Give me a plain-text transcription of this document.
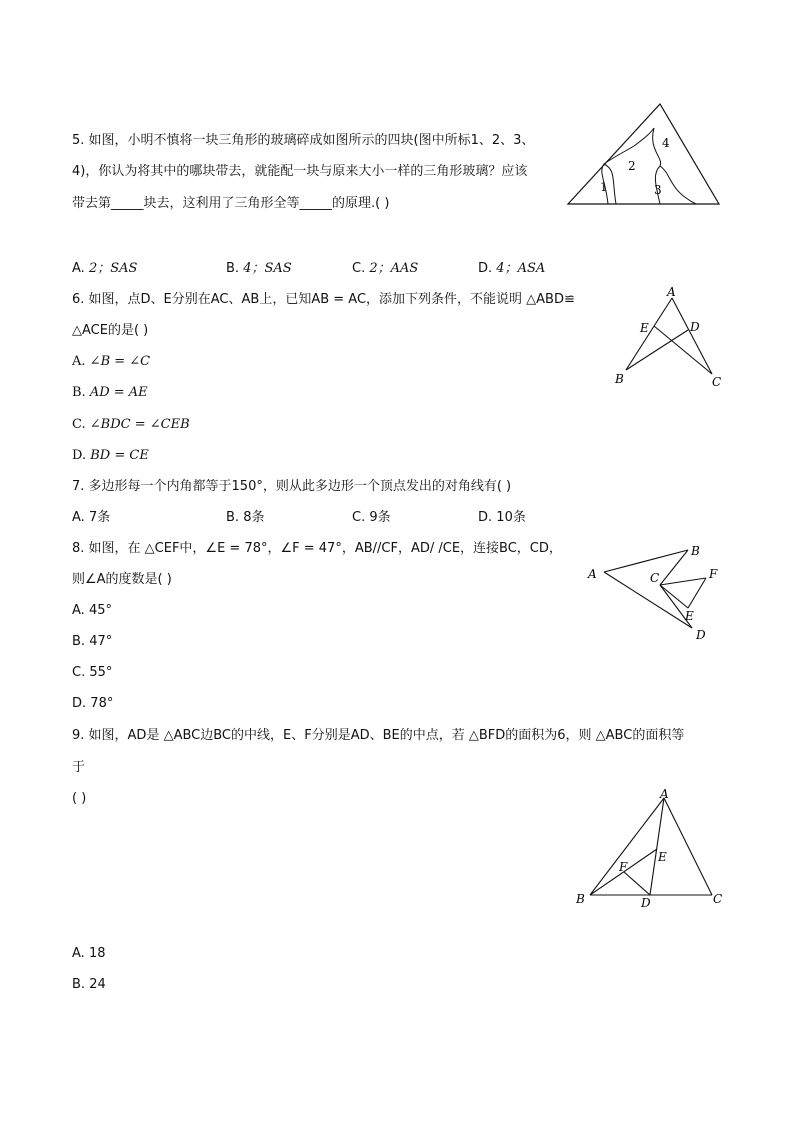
5. 如图，小明不慎将一块三角形的玻璃碎成如图所示的四块(图中所标1、2、3、
4)，你认为将其中的哪块带去，就能配一块与原来大小一样的三角形玻璃？应该
带去第_____块去，这利用了三角形全等_____的原理.( )
A. 2；SAS	B. 4；SAS	C. 2；AAS	D. 4；ASA
1
2
3
4
6. 如图，点D、E分别在AC、AB上，已知AB = AC，添加下列条件，不能说明 △ABD≌
△ACE的是( )
A. ∠B = ∠C
B. AD = AE
C. ∠BDC = ∠CEB
D. BD = CE
A
B	C
D
E
7. 多边形每一个内角都等于150°，则从此多边形一个顶点发出的对角线有( )
A. 7条	B. 8条	C. 9条	D. 10条
8. 如图，在 △CEF中，∠E = 78°，∠F = 47°，AB//CF，AD/ /CE，连接BC，CD，
则∠A的度数是( )
A. 45°
B. 47°
C. 55°
D. 78°
A
B
C
D
E
F
9. 如图，AD是 △ABC边BC的中线，E、F分别是AD、BE的中点，若 △BFD的面积为6，则 △ABC的面积等
于
( )	A
B	C
D
E
F
A. 18
B. 24
